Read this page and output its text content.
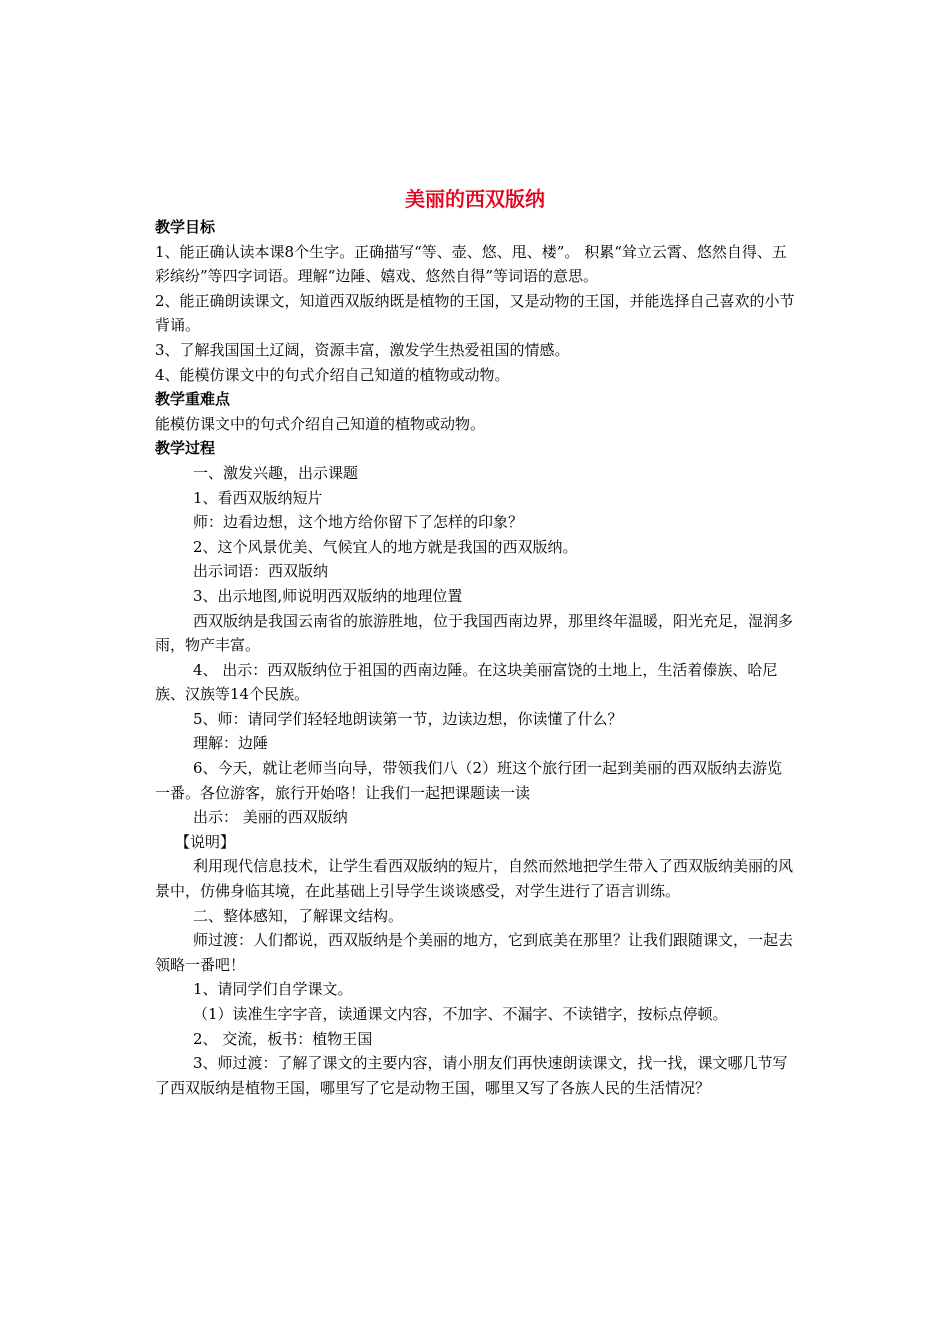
美丽的西双版纳
教学目标

1、能正确认读本课8个生字。正确描写“等、壶、悠、甩、楼”。 积累“耸立云霄、悠然自得、五彩缤纷”等四字词语。理解“边陲、嬉戏、悠然自得”等词语的意思。

2、能正确朗读课文，知道西双版纳既是植物的王国，又是动物的王国，并能选择自己喜欢的小节背诵。

3、了解我国国土辽阔，资源丰富，激发学生热爱祖国的情感。

4、能模仿课文中的句式介绍自己知道的植物或动物。

教学重难点

能模仿课文中的句式介绍自己知道的植物或动物。

教学过程

一、激发兴趣，出示课题

1、看西双版纳短片

师：边看边想，这个地方给你留下了怎样的印象？

2、这个风景优美、气候宜人的地方就是我国的西双版纳。

出示词语：西双版纳

3、出示地图,师说明西双版纳的地理位置

西双版纳是我国云南省的旅游胜地，位于我国西南边界，那里终年温暖，阳光充足，湿润多雨，物产丰富。

4、 出示：西双版纳位于祖国的西南边陲。在这块美丽富饶的土地上，生活着傣族、哈尼族、汉族等14个民族。

5、师：请同学们轻轻地朗读第一节，边读边想，你读懂了什么？

理解：边陲

6、今天，就让老师当向导，带领我们八（2）班这个旅行团一起到美丽的西双版纳去游览一番。各位游客，旅行开始咯！让我们一起把课题读一读

出示： 美丽的西双版纳

【说明】

利用现代信息技术，让学生看西双版纳的短片，自然而然地把学生带入了西双版纳美丽的风景中，仿佛身临其境，在此基础上引导学生谈谈感受，对学生进行了语言训练。

二、整体感知，了解课文结构。

师过渡：人们都说，西双版纳是个美丽的地方，它到底美在那里？让我们跟随课文，一起去领略一番吧！

1、请同学们自学课文。

（1）读准生字字音，读通课文内容，不加字、不漏字、不读错字，按标点停顿。

2、 交流，板书：植物王国

3、师过渡：了解了课文的主要内容，请小朋友们再快速朗读课文，找一找，课文哪几节写了西双版纳是植物王国，哪里写了它是动物王国，哪里又写了各族人民的生活情况？
